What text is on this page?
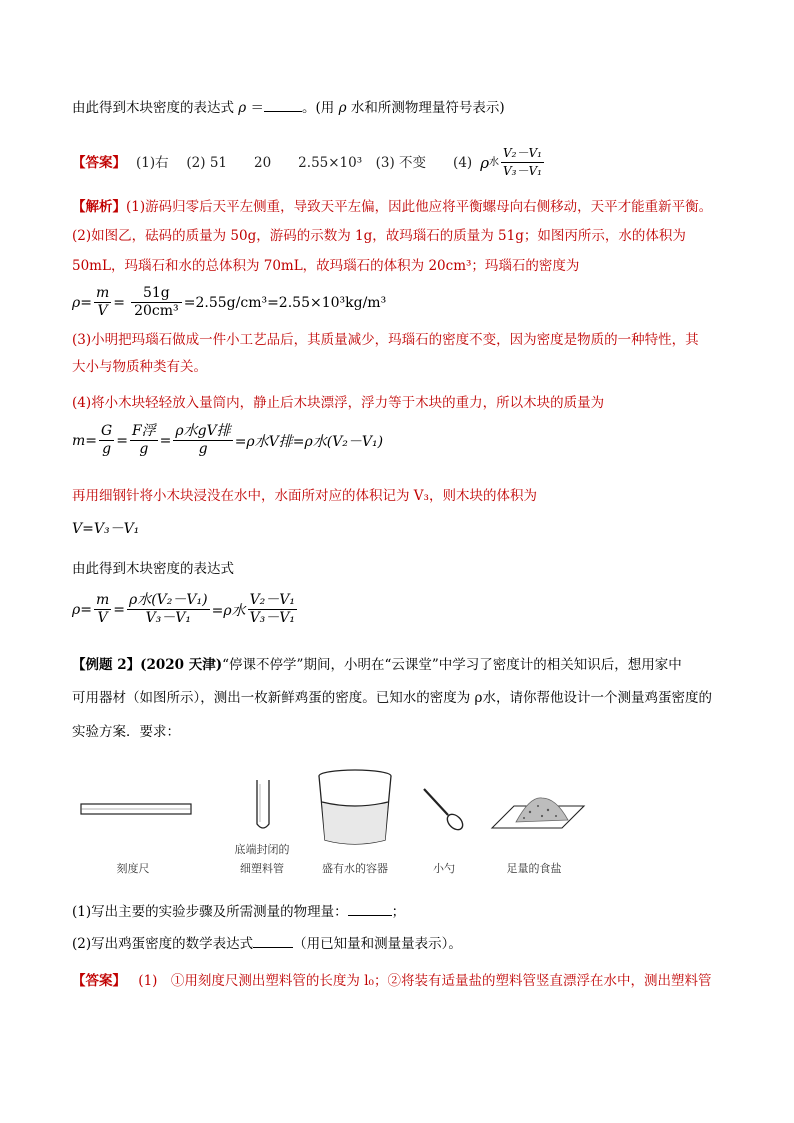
由此得到木块密度的表达式 ρ ＝	。(用 ρ 水和所测物理量符号表示)
【答案】 (1)右　 (2) 51　　20　　2.55×10³　(3) 不变　　(4) ρ 水 $\frac{\text{V₂－V₁}}{\text{V₃－V₁}}$
【解析】(1)游码归零后天平左侧重，导致天平左偏，因此他应将平衡螺母向右侧移动，天平才能重新平衡。
(2)如图乙，砝码的质量为 50g，游码的示数为 1g，故玛瑙石的质量为 51g；如图丙所示，水的体积为
50mL，玛瑙石和水的总体积为 70mL，故玛瑙石的体积为 20cm³；玛瑙石的密度为
$\rho= \frac{m}{V} = \frac{51g}{\text{20cm³}} =2.55g/cm^3=2.55\times 10^3kg/m^3$
(3)小明把玛瑙石做成一件小工艺品后，其质量减少，玛瑙石的密度不变，因为密度是物质的一种特性，其
大小与物质种类有关。
(4)将小木块轻轻放入量筒内，静止后木块漂浮，浮力等于木块的重力，所以木块的质量为
$m= \frac{G}{g} = \frac{\text{F浮}}{g} = \frac{\text{ρ水gV排}}{g} =\rho$水V排=ρ水(V₂－V₁)
再用细钢针将小木块浸没在水中，水面所对应的体积记为 V₃，则木块的体积为
V=V₃－V₁
由此得到木块密度的表达式
$\rho= \frac{m}{V} = \frac{\text{ρ水(V₂－V₁)}}{\text{V₃－V₁}} =\rho$水 $\frac{\text{V₂－V₁}}{\text{V₃－V₁}}$
【例题 2】(2020 天津)“停课不停学”期间，小明在“云课堂”中学习了密度计的相关知识后，想用家中
可用器材（如图所示），测出一枚新鲜鸡蛋的密度。已知水的密度为 ρ水，请你帮他设计一个测量鸡蛋密度的
实验方案．要求：
刻度尺
底端封闭的
细塑料管	盛有水的容器	小勺	足量的食盐
(1)写出主要的实验步骤及所需测量的物理量：	；
(2)写出鸡蛋密度的数学表达式	（用已知量和测量量表示）。
【答案】 (1)　①用刻度尺测出塑料管的长度为 l₀；②将装有适量盐的塑料管竖直漂浮在水中，测出塑料管
